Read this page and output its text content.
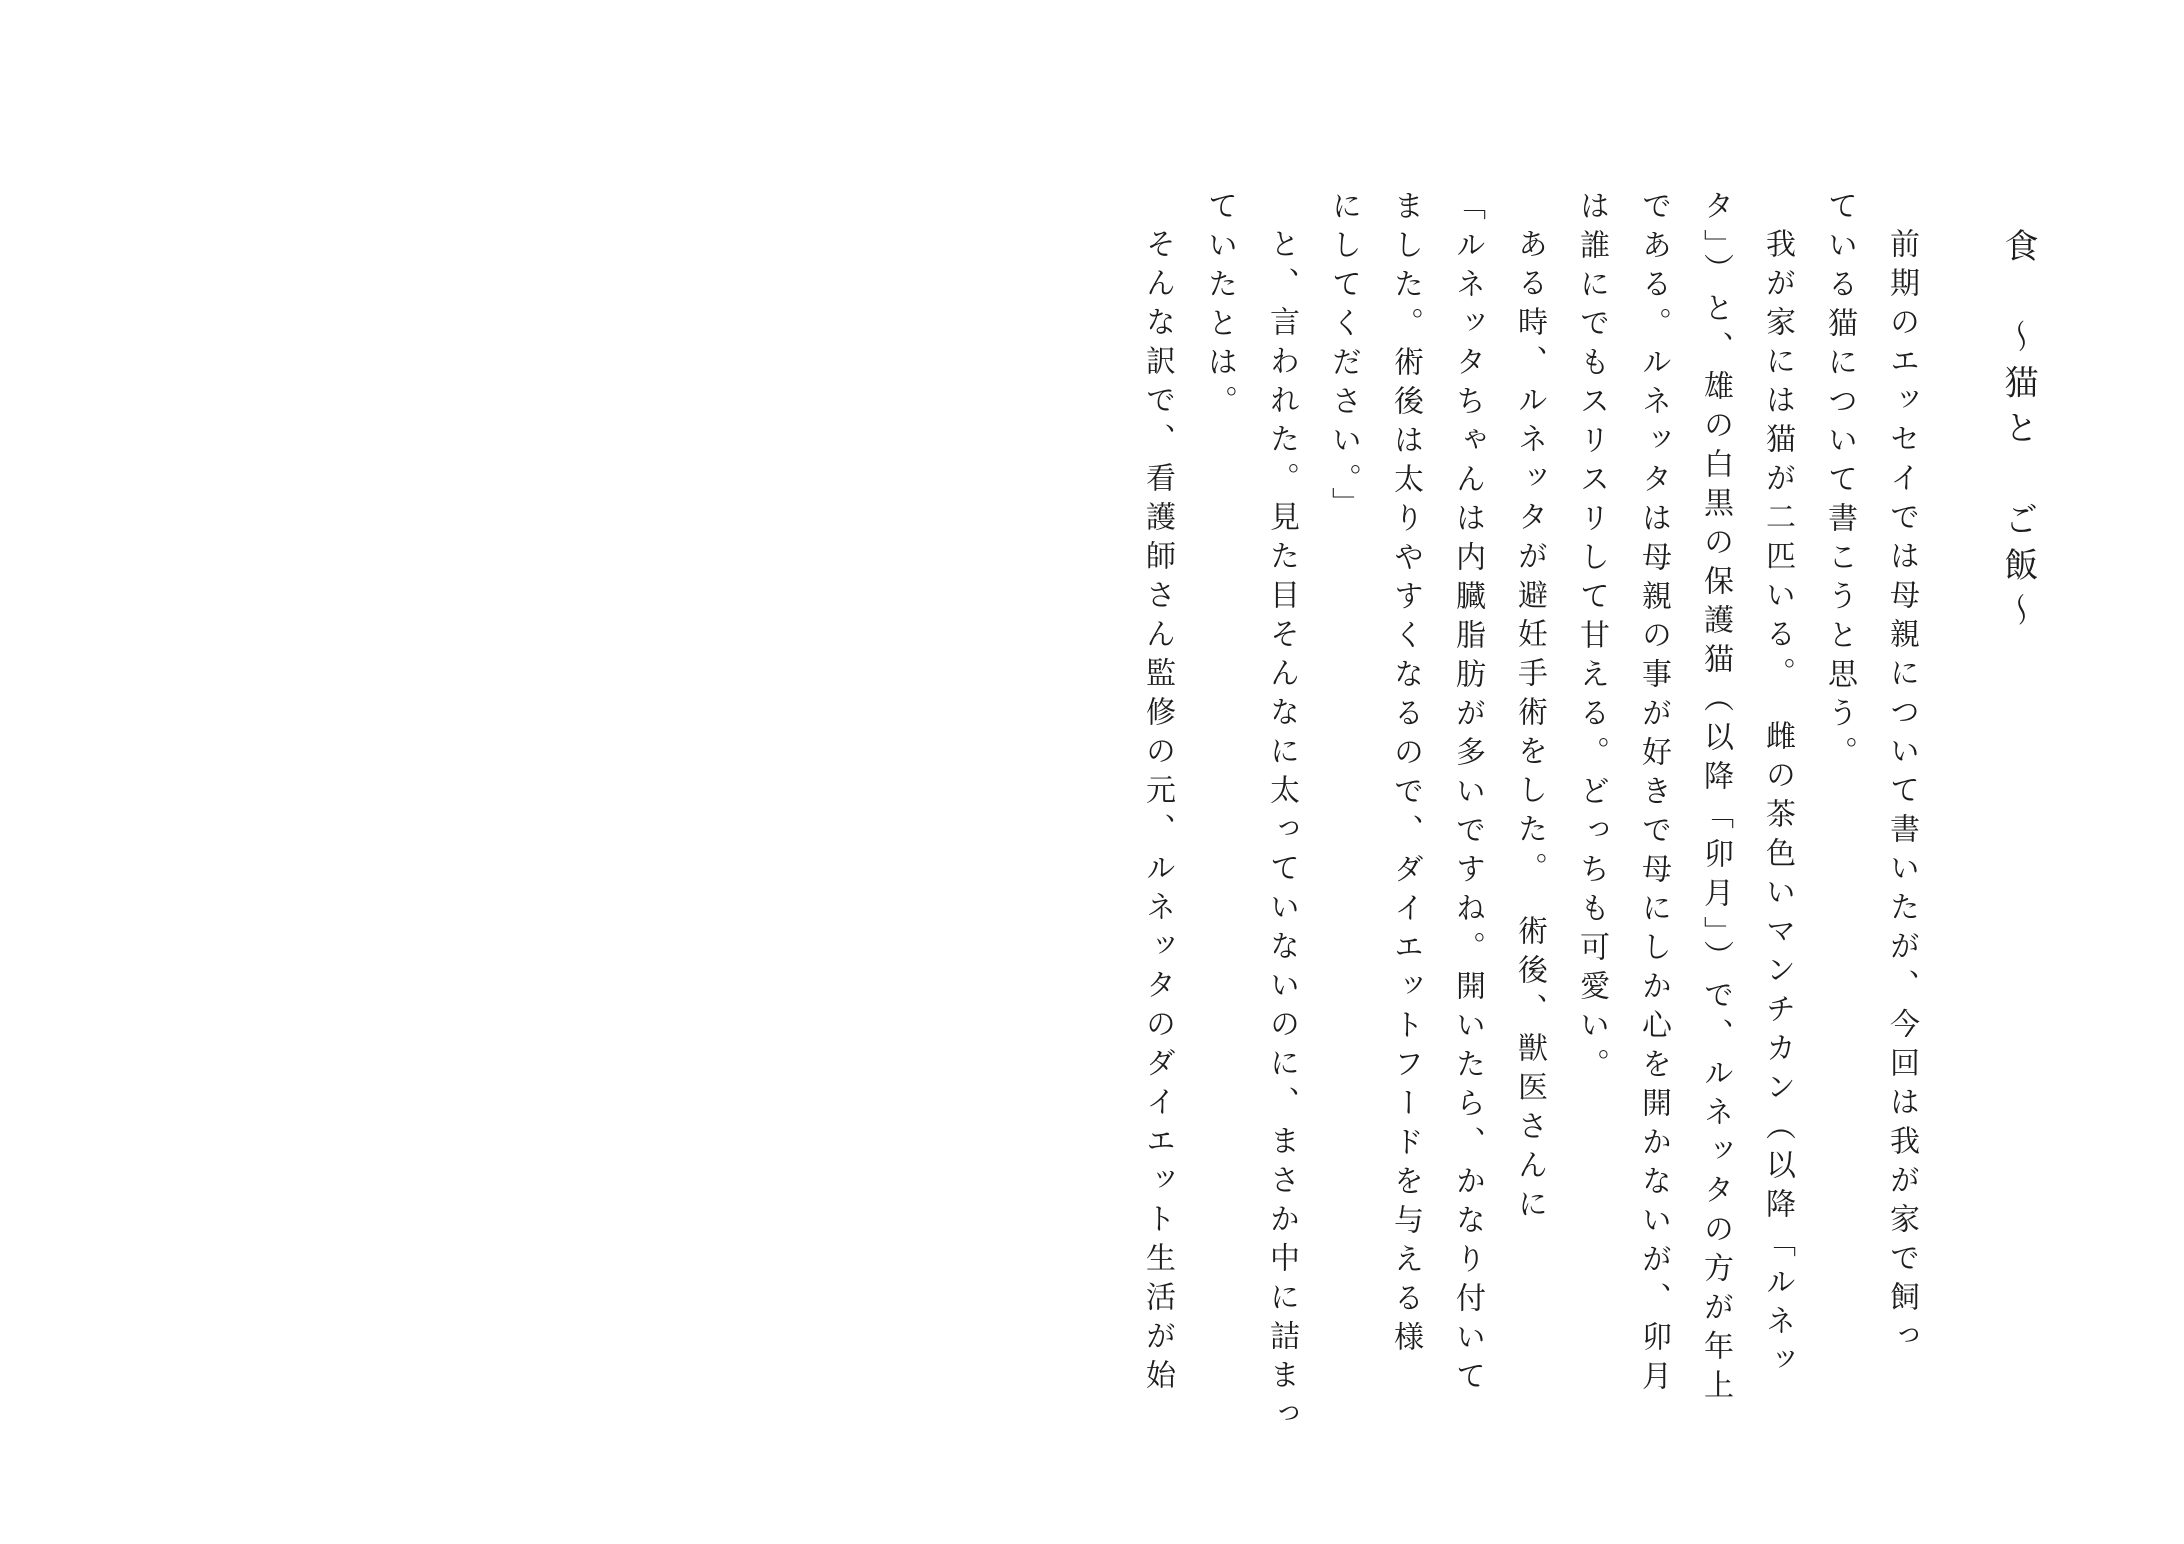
食　〜猫と　ご飯〜
前期のエッセイでは母親について書いたが、今回は我が家で飼っ
ている猫について書こうと思う。
我が家には猫が二匹いる。　雌の茶色いマンチカン（以降「ルネッ
タ」）と、雄の白黒の保護猫（以降「卯月」）で、ルネッタの方が年上
である。ルネッタは母親の事が好きで母にしか心を開かないが、卯月
は誰にでもスリスリして甘える。どっちも可愛い。
ある時、ルネッタが避妊手術をした。　術後、獣医さんに
「ルネッタちゃんは内臓脂肪が多いですね。開いたら、かなり付いて
ました。術後は太りやすくなるので、ダイエットフードを与える様
にしてください。」
と、言われた。見た目そんなに太っていないのに、まさか中に詰まっ
ていたとは。
そんな訳で、看護師さん監修の元、ルネッタのダイエット生活が始
